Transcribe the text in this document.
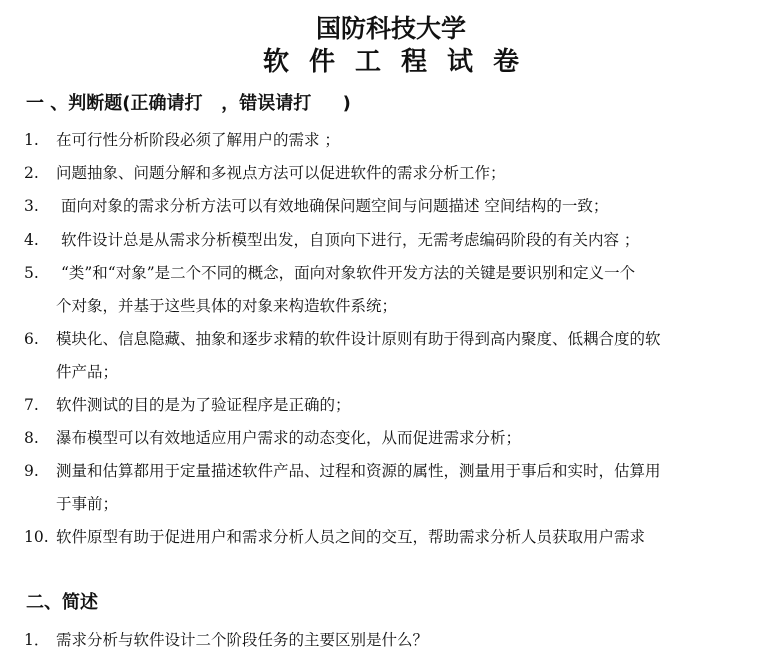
国防科技大学
软件工程试卷
一 、判断题(正确请打   ，错误请打     )
1. 在可行性分析阶段必须了解用户的需求 ；
2. 问题抽象、问题分解和多视点方法可以促进软件的需求分析工作；
3. 面向对象的需求分析方法可以有效地确保问题空间与问题描述 空间结构的一致；
4. 软件设计总是从需求分析模型出发，自顶向下进行，无需考虑编码阶段的有关内容 ；
5. “类”和“对象”是二个不同的概念，面向对象软件开发方法的关键是要识别和定义一个
个对象，并基于这些具体的对象来构造软件系统；
6. 模块化、信息隐藏、抽象和逐步求精的软件设计原则有助于得到高内聚度、低耦合度的软
件产品；
7. 软件测试的目的是为了验证程序是正确的；
8. 瀑布模型可以有效地适应用户需求的动态变化，从而促进需求分析；
9. 测量和估算都用于定量描述软件产品、过程和资源的属性，测量用于事后和实时，估算用
于事前；
10. 软件原型有助于促进用户和需求分析人员之间的交互，帮助需求分析人员获取用户需求
二、简述
1． 需求分析与软件设计二个阶段任务的主要区别是什么？
